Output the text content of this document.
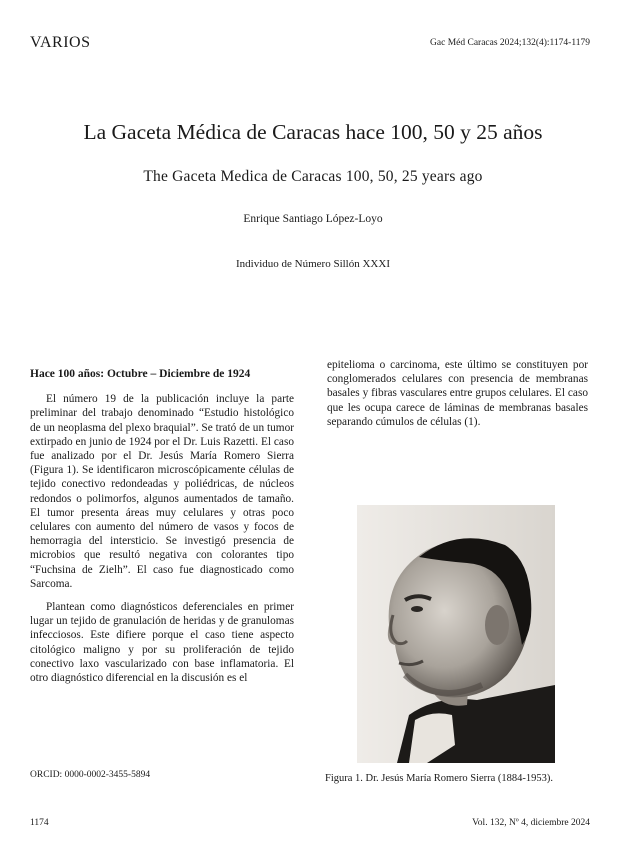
VARIOS	Gac Méd Caracas 2024;132(4):1174-1179
La Gaceta Médica de Caracas hace 100, 50 y 25 años
The Gaceta Medica de Caracas 100, 50, 25 years ago
Enrique Santiago López-Loyo
Individuo de Número Sillón XXXI

Hace 100 años: Octubre – Diciembre de 1924

El número 19 de la publicación incluye la parte preliminar del trabajo denominado “Estudio histológico de un neoplasma del plexo braquial”. Se trató de un tumor extirpado en junio de 1924 por el Dr. Luis Razetti. El caso fue analizado por el Dr. Jesús María Romero Sierra (Figura 1). Se identificaron microscópicamente células de tejido conectivo redondeadas y poliédricas, de núcleos redondos o polimorfos, algunos aumentados de tamaño. El tumor presenta áreas muy celulares y otras poco celulares con aumento del número de vasos y focos de hemorragia del intersticio. Se investigó presencia de microbios que resultó negativa con colorantes tipo “Fuchsina de Zielh”. El caso fue diagnosticado como Sarcoma.

Plantean como diagnósticos deferenciales en primer lugar un tejido de granulación de heridas y de granulomas infecciosos. Este difiere porque el caso tiene aspecto citológico maligno y por su proliferación de tejido conectivo laxo vascularizado con base inflamatoria. El otro diagnóstico diferencial en la discusión es el

epitelioma o carcinoma, este último se constituyen por conglomerados celulares con presencia de membranas basales y fibras vasculares entre grupos celulares. El caso que les ocupa carece de láminas de membranas basales separando cúmulos de células (1).

Figura 1. Dr. Jesús María Romero Sierra (1884-1953).
ORCID: 0000-0002-3455-5894
1174	Vol. 132, Nº 4, diciembre 2024
